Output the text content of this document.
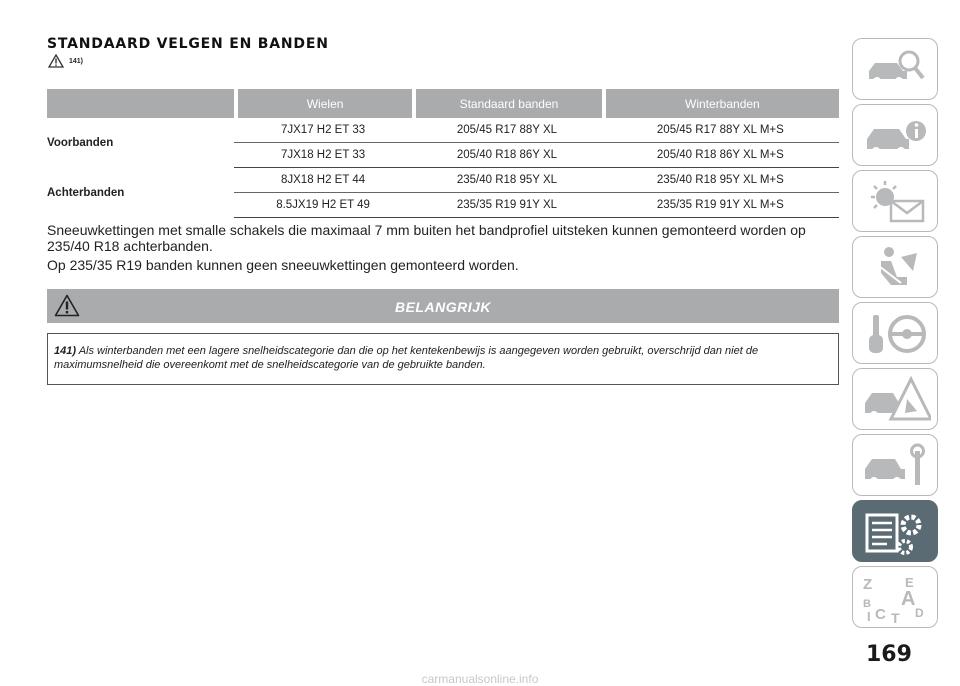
STANDAARD VELGEN EN BANDEN
141)
		Wielen		Standaard banden		Winterbanden
Voorbanden	7JX17 H2 ET 33		205/45 R17 88Y XL		205/45 R17 88Y XL M+S	
	7JX18 H2 ET 33		205/40 R18 86Y XL		205/40 R18 86Y XL M+S	
Achterbanden	8JX18 H2 ET 44		235/40 R18 95Y XL		235/40 R18 95Y XL M+S	
	8.5JX19 H2 ET 49		235/35 R19 91Y XL		235/35 R19 91Y XL M+S	
Sneeuwkettingen met smalle schakels die maximaal 7 mm buiten het bandprofiel uitsteken kunnen gemonteerd worden op 235/40 R18 achterbanden.
Op 235/35 R19 banden kunnen geen sneeuwkettingen gemonteerd worden.
BELANGRIJK
141) Als winterbanden met een lagere snelheidscategorie dan die op het kentekenbewijs is aangegeven worden gebruikt, overschrijd dan niet de maximumsnelheid die overeenkomt met de snelheidscategorie van de gebruikte banden.
Z	E
B A
C D
T
I
169
carmanualsonline.info
